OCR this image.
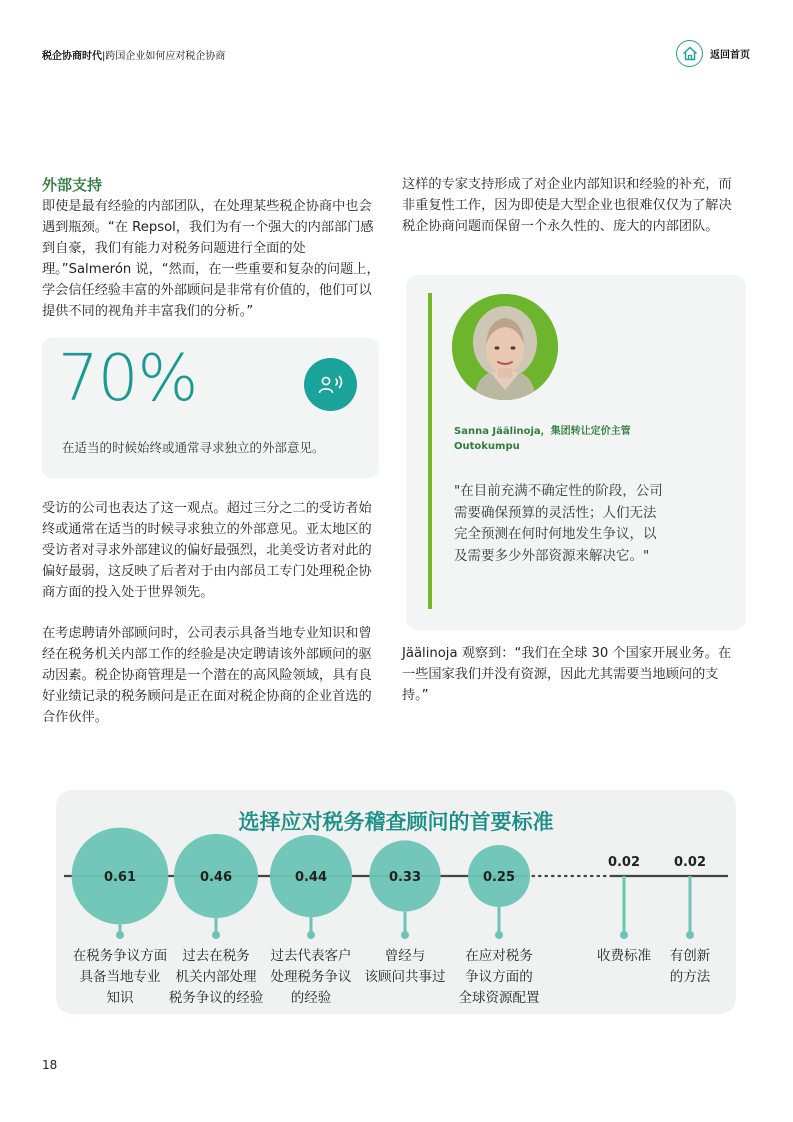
税企协商时代|跨国企业如何应对税企协商	返回首页
外部支持

即使是最有经验的内部团队，在处理某些税企协商中也会遇到瓶颈。“在 Repsol，我们为有一个强大的内部部门感到自豪，我们有能力对税务问题进行全面的处理。”Salmerón 说，“然而，在一些重要和复杂的问题上，学会信任经验丰富的外部顾问是非常有价值的，他们可以提供不同的视角并丰富我们的分析。”

70%
在适当的时候始终或通常寻求独立的外部意见。

受访的公司也表达了这一观点。超过三分之二的受访者始终或通常在适当的时候寻求独立的外部意见。亚太地区的受访者对寻求外部建议的偏好最强烈，北美受访者对此的偏好最弱，这反映了后者对于由内部员工专门处理税企协商方面的投入处于世界领先。

在考虑聘请外部顾问时，公司表示具备当地专业知识和曾经在税务机关内部工作的经验是决定聘请该外部顾问的驱动因素。税企协商管理是一个潜在的高风险领域，具有良好业绩记录的税务顾问是正在面对税企协商的企业首选的合作伙伴。

这样的专家支持形成了对企业内部知识和经验的补充，而非重复性工作，因为即使是大型企业也很难仅仅为了解决税企协商问题而保留一个永久性的、庞大的内部团队。

Sanna Jäälinoja，集团转让定价主管
Outokumpu
"在目前充满不确定性的阶段，公司需要确保预算的灵活性；人们无法完全预测在何时何地发生争议，以及需要多少外部资源来解决它。"

Jäälinoja 观察到：“我们在全球 30 个国家开展业务。在一些国家我们并没有资源，因此尤其需要当地顾问的支持。”

选择应对税务稽查顾问的首要标准
0.61
在税务争议方面
具备当地专业
知识
0.46
过去在税务
机关内部处理
税务争议的经验
0.44
过去代表客户
处理税务争议
的经验
0.33
曾经与
该顾问共事过
0.25
在应对税务
争议方面的
全球资源配置
0.02
收费标准
0.02
有创新
的方法
18
